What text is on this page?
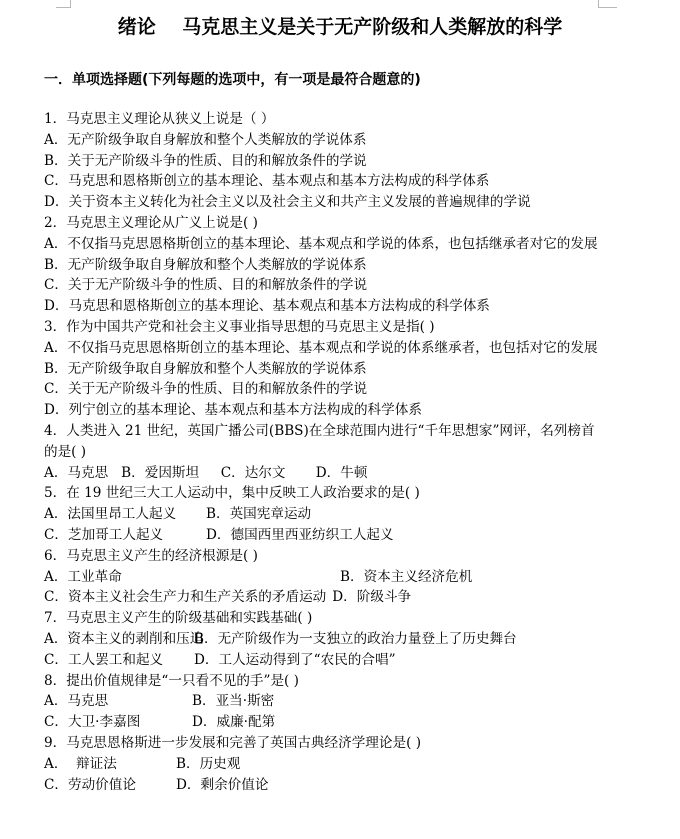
绪论    马克思主义是关于无产阶级和人类解放的科学
一．单项选择题(下列每题的选项中，有一项是最符合题意的)
1．马克思主义理论从狭义上说是（ ）
A．无产阶级争取自身解放和整个人类解放的学说体系
B．关于无产阶级斗争的性质、目的和解放条件的学说
C．马克思和恩格斯创立的基本理论、基本观点和基本方法构成的科学体系
D．关于资本主义转化为社会主义以及社会主义和共产主义发展的普遍规律的学说
2．马克思主义理论从广义上说是( )
A．不仅指马克思恩格斯创立的基本理论、基本观点和学说的体系，也包括继承者对它的发展
B．无产阶级争取自身解放和整个人类解放的学说体系
C．关于无产阶级斗争的性质、目的和解放条件的学说
D．马克思和恩格斯创立的基本理论、基本观点和基本方法构成的科学体系
3．作为中国共产党和社会主义事业指导思想的马克思主义是指( )
A．不仅指马克思恩格斯创立的基本理论、基本观点和学说的体系继承者，也包括对它的发展
B．无产阶级争取自身解放和整个人类解放的学说体系
C．关于无产阶级斗争的性质、目的和解放条件的学说
D．列宁创立的基本理论、基本观点和基本方法构成的科学体系
4．人类进入 21 世纪，英国广播公司(BBS)在全球范围内进行“千年思想家”网评，名列榜首的是( )
A．马克思   B．爱因斯坦     C．达尔文       D．牛顿
5．在 19 世纪三大工人运动中，集中反映工人政治要求的是( )
A．法国里昂工人起义	B．英国宪章运动
C．芝加哥工人起义	D．德国西里西亚纺织工人起义
6．马克思主义产生的经济根源是( )
A．工业革命	B．资本主义经济危机
C．资本主义社会生产力和生产关系的矛盾运动 D．阶级斗争
7．马克思主义产生的阶级基础和实践基础( )
A．资本主义的剥削和压迫
B．无产阶级作为一支独立的政治力量登上了历史舞台
C．工人罢工和起义	D．工人运动得到了“农民的合唱”
8．提出价值规律是“一只看不见的手”是( )
A．马克思	B．亚当·斯密
C．大卫·李嘉图	D．威廉·配第
9．马克思恩格斯进一步发展和完善了英国古典经济学理论是( )
A．  辩证法	B．历史观
C．劳动价值论	D．剩余价值论
